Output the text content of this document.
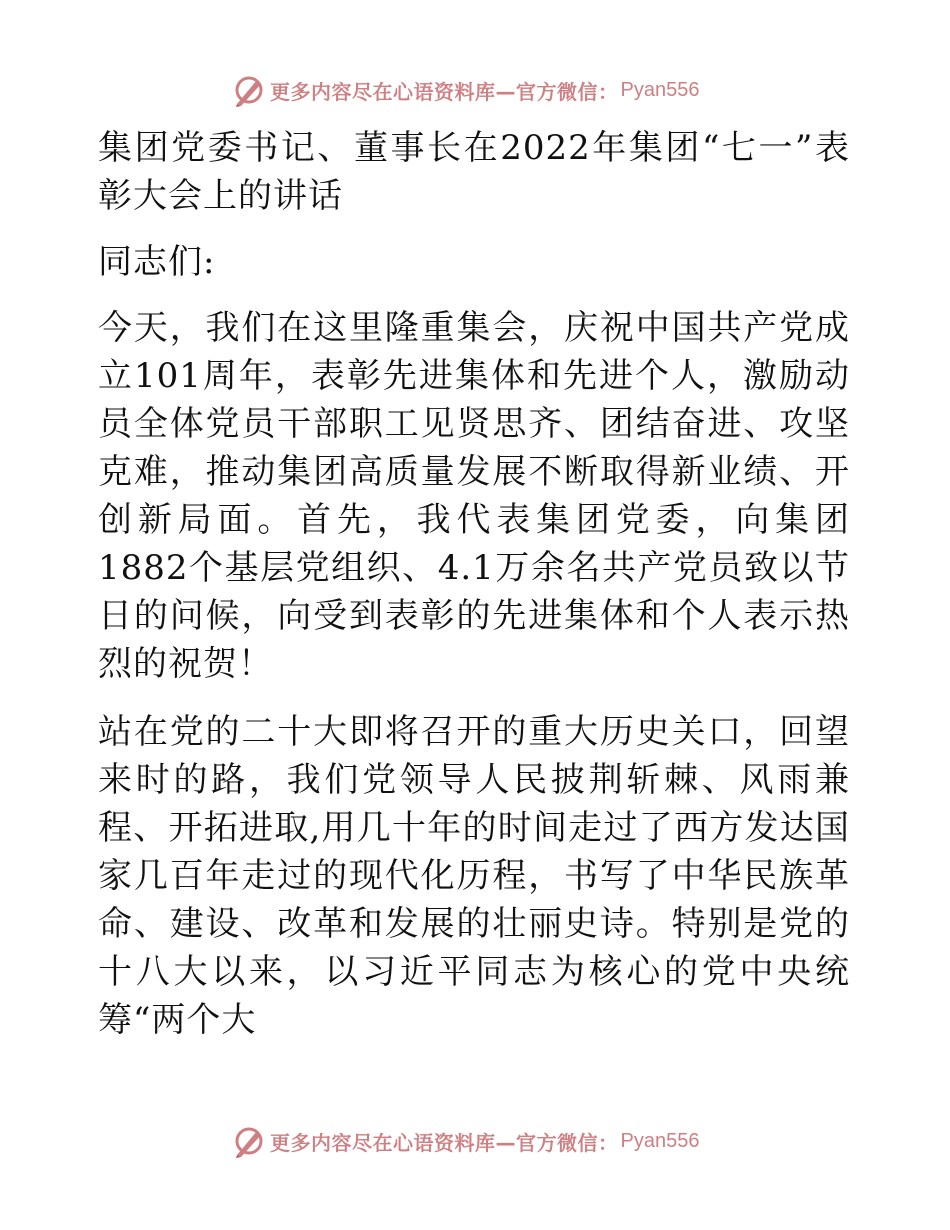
更多内容尽在心语资料库—官方微信： Pyan556

集团党委书记、董事长在2022年集团“七一”表彰大会上的讲话

同志们:

今天，我们在这里隆重集会，庆祝中国共产党成立101周年，表彰先进集体和先进个人，激励动员全体党员干部职工见贤思齐、团结奋进、攻坚克难，推动集团高质量发展不断取得新业绩、开创新局面。首先，我代表集团党委，向集团1882个基层党组织、4.1万余名共产党员致以节日的问候，向受到表彰的先进集体和个人表示热烈的祝贺！

站在党的二十大即将召开的重大历史关口，回望来时的路，我们党领导人民披荆斩棘、风雨兼程、开拓进取,用几十年的时间走过了西方发达国家几百年走过的现代化历程，书写了中华民族革命、建设、改革和发展的壮丽史诗。特别是党的十八大以来，以习近平同志为核心的党中央统筹“两个大

更多内容尽在心语资料库—官方微信： Pyan556
